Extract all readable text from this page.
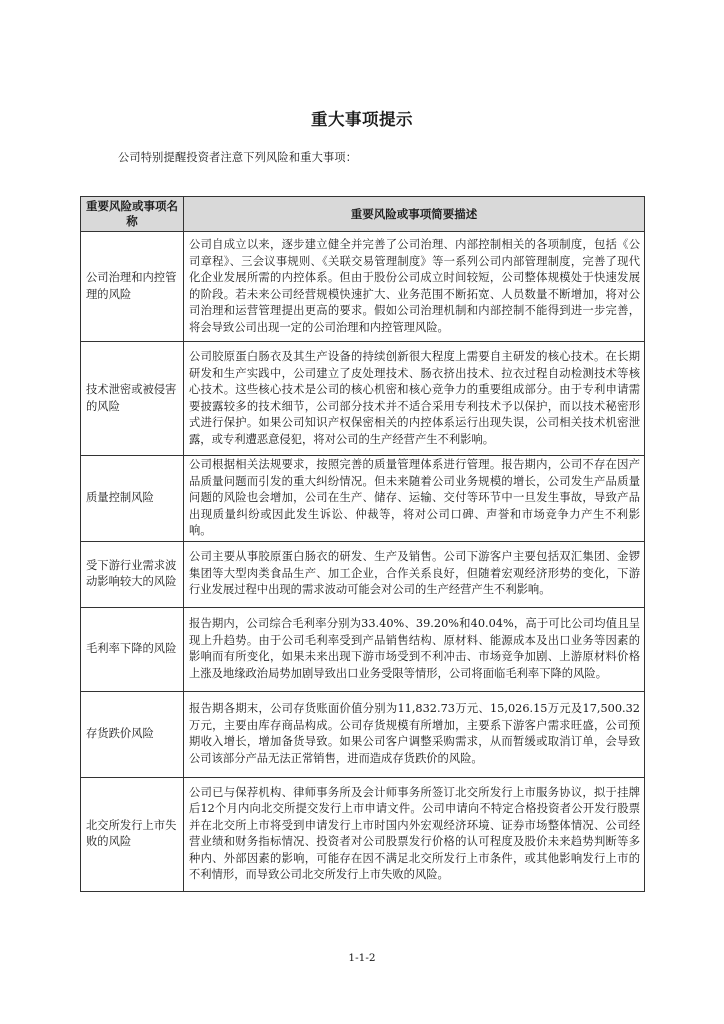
重大事项提示
公司特别提醒投资者注意下列风险和重大事项：
重要风险或事项名称	重要风险或事项简要描述
公司治理和内控管理的风险	公司自成立以来，逐步建立健全并完善了公司治理、内部控制相关的各项制度，包括《公司章程》、三会议事规则、《关联交易管理制度》等一系列公司内部管理制度，完善了现代化企业发展所需的内控体系。但由于股份公司成立时间较短，公司整体规模处于快速发展的阶段。若未来公司经营规模快速扩大、业务范围不断拓宽、人员数量不断增加，将对公司治理和运营管理提出更高的要求。假如公司治理机制和内部控制不能得到进一步完善，将会导致公司出现一定的公司治理和内控管理风险。
技术泄密或被侵害的风险	公司胶原蛋白肠衣及其生产设备的持续创新很大程度上需要自主研发的核心技术。在长期研发和生产实践中，公司建立了皮处理技术、肠衣挤出技术、拉衣过程自动检测技术等核心技术。这些核心技术是公司的核心机密和核心竞争力的重要组成部分。由于专利申请需要披露较多的技术细节，公司部分技术并不适合采用专利技术予以保护，而以技术秘密形式进行保护。如果公司知识产权保密相关的内控体系运行出现失误，公司相关技术机密泄露，或专利遭恶意侵犯，将对公司的生产经营产生不利影响。
质量控制风险	公司根据相关法规要求，按照完善的质量管理体系进行管理。报告期内，公司不存在因产品质量问题而引发的重大纠纷情况。但未来随着公司业务规模的增长，公司发生产品质量问题的风险也会增加，公司在生产、储存、运输、交付等环节中一旦发生事故，导致产品出现质量纠纷或因此发生诉讼、仲裁等，将对公司口碑、声誉和市场竞争力产生不利影响。
受下游行业需求波动影响较大的风险	公司主要从事胶原蛋白肠衣的研发、生产及销售。公司下游客户主要包括双汇集团、金锣集团等大型肉类食品生产、加工企业，合作关系良好，但随着宏观经济形势的变化，下游行业发展过程中出现的需求波动可能会对公司的生产经营产生不利影响。
毛利率下降的风险	报告期内，公司综合毛利率分别为33.40%、39.20%和40.04%，高于可比公司均值且呈现上升趋势。由于公司毛利率受到产品销售结构、原材料、能源成本及出口业务等因素的影响而有所变化，如果未来出现下游市场受到不利冲击、市场竞争加剧、上游原材料价格上涨及地缘政治局势加剧导致出口业务受限等情形，公司将面临毛利率下降的风险。
存货跌价风险	报告期各期末，公司存货账面价值分别为11,832.73万元、15,026.15万元及17,500.32万元，主要由库存商品构成。公司存货规模有所增加，主要系下游客户需求旺盛，公司预期收入增长，增加备货导致。如果公司客户调整采购需求，从而暂缓或取消订单，会导致公司该部分产品无法正常销售，进而造成存货跌价的风险。
北交所发行上市失败的风险	公司已与保荐机构、律师事务所及会计师事务所签订北交所发行上市服务协议，拟于挂牌后12个月内向北交所提交发行上市申请文件。公司申请向不特定合格投资者公开发行股票并在北交所上市将受到申请发行上市时国内外宏观经济环境、证券市场整体情况、公司经营业绩和财务指标情况、投资者对公司股票发行价格的认可程度及股价未来趋势判断等多种内、外部因素的影响，可能存在因不满足北交所发行上市条件，或其他影响发行上市的不利情形，而导致公司北交所发行上市失败的风险。
1-1-2
